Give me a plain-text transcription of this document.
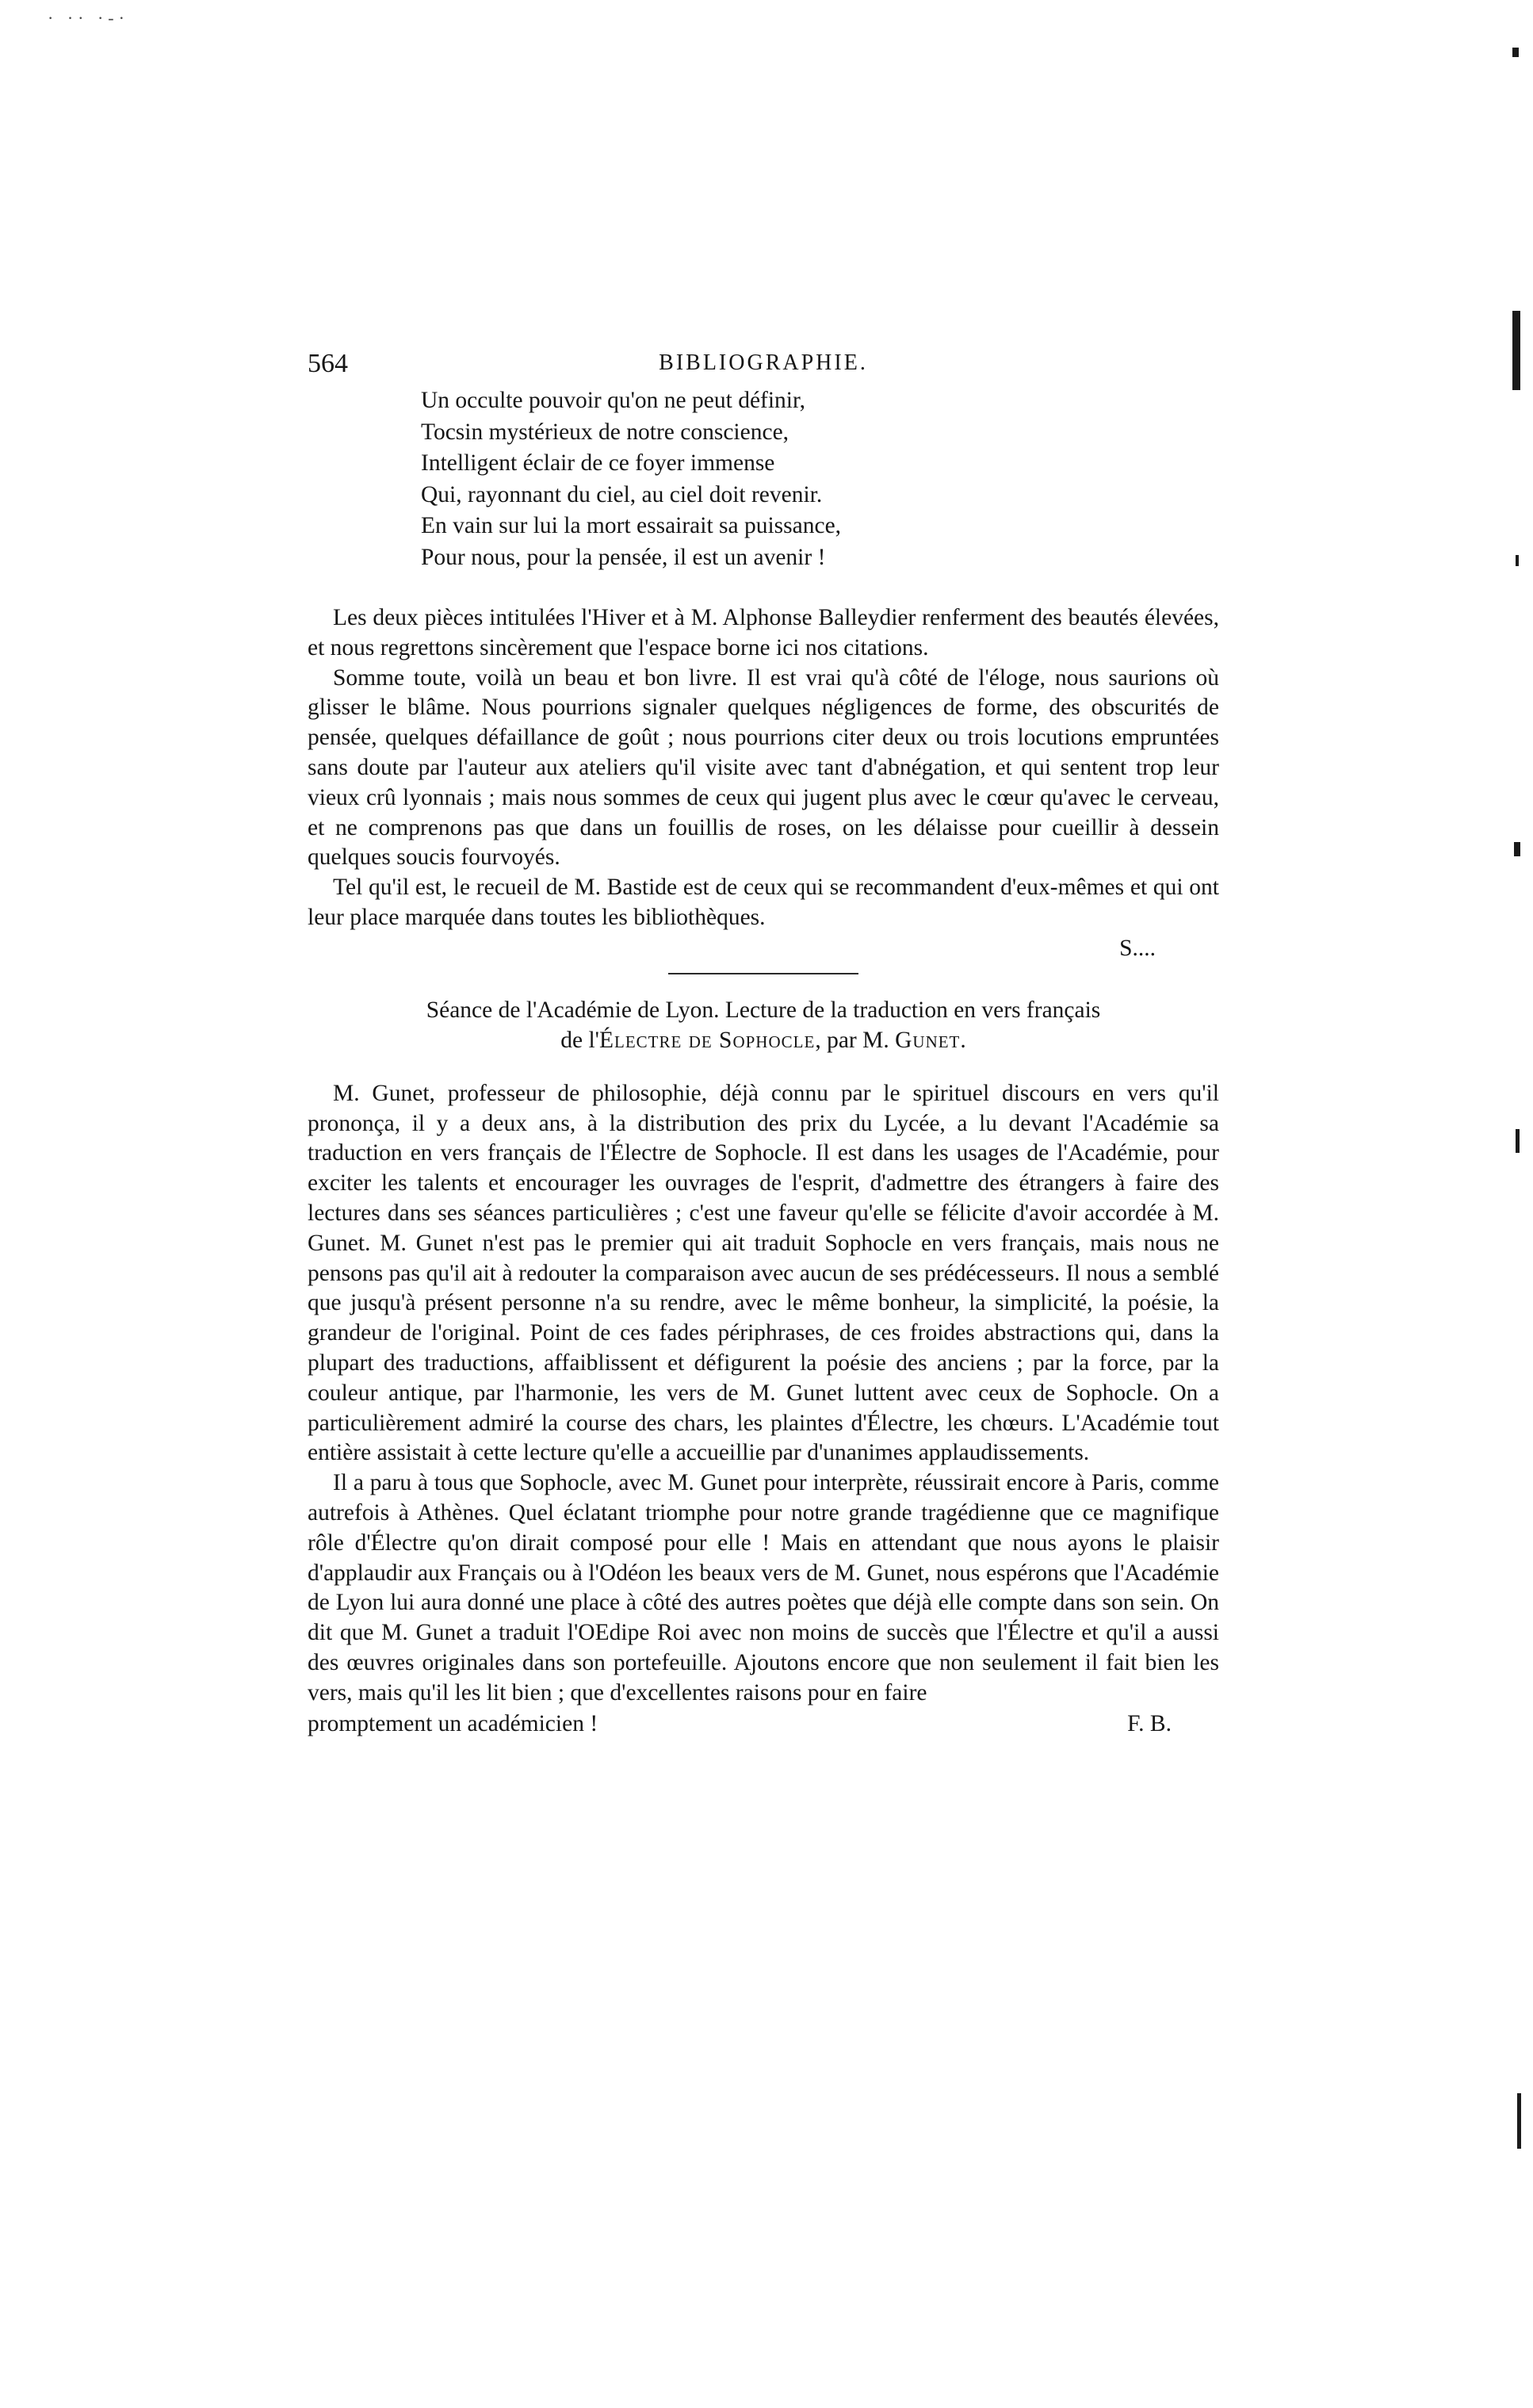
· ·· ·-·
564	BIBLIOGRAPHIE.
Un occulte pouvoir qu'on ne peut définir,
Tocsin mystérieux de notre conscience,
Intelligent éclair de ce foyer immense
Qui, rayonnant du ciel, au ciel doit revenir.
En vain sur lui la mort essairait sa puissance,
Pour nous, pour la pensée, il est un avenir !

Les deux pièces intitulées l'Hiver et à M. Alphonse Balleydier renferment des beautés élevées, et nous regrettons sincèrement que l'espace borne ici nos citations.

Somme toute, voilà un beau et bon livre. Il est vrai qu'à côté de l'éloge, nous saurions où glisser le blâme. Nous pourrions signaler quelques négligences de forme, des obscurités de pensée, quelques défaillance de goût ; nous pourrions citer deux ou trois locutions empruntées sans doute par l'auteur aux ateliers qu'il visite avec tant d'abnégation, et qui sentent trop leur vieux crû lyonnais ; mais nous sommes de ceux qui jugent plus avec le cœur qu'avec le cerveau, et ne comprenons pas que dans un fouillis de roses, on les délaisse pour cueillir à dessein quelques soucis fourvoyés.

Tel qu'il est, le recueil de M. Bastide est de ceux qui se recommandent d'eux-mêmes et qui ont leur place marquée dans toutes les bibliothèques.

S....
Séance de l'Académie de Lyon. Lecture de la traduction en vers français
de l'Électre de Sophocle, par M. Gunet.

M. Gunet, professeur de philosophie, déjà connu par le spirituel discours en vers qu'il prononça, il y a deux ans, à la distribution des prix du Lycée, a lu devant l'Académie sa traduction en vers français de l'Électre de Sophocle. Il est dans les usages de l'Académie, pour exciter les talents et encourager les ouvrages de l'esprit, d'admettre des étrangers à faire des lectures dans ses séances particulières ; c'est une faveur qu'elle se félicite d'avoir accordée à M. Gunet. M. Gunet n'est pas le premier qui ait traduit Sophocle en vers français, mais nous ne pensons pas qu'il ait à redouter la comparaison avec aucun de ses prédécesseurs. Il nous a semblé que jusqu'à présent personne n'a su rendre, avec le même bonheur, la simplicité, la poésie, la grandeur de l'original. Point de ces fades périphrases, de ces froides abstractions qui, dans la plupart des traductions, affaiblissent et défigurent la poésie des anciens ; par la force, par la couleur antique, par l'harmonie, les vers de M. Gunet luttent avec ceux de Sophocle. On a particulièrement admiré la course des chars, les plaintes d'Électre, les chœurs. L'Académie tout entière assistait à cette lecture qu'elle a accueillie par d'unanimes applaudissements.

Il a paru à tous que Sophocle, avec M. Gunet pour interprète, réussirait encore à Paris, comme autrefois à Athènes. Quel éclatant triomphe pour notre grande tragédienne que ce magnifique rôle d'Électre qu'on dirait composé pour elle ! Mais en attendant que nous ayons le plaisir d'applaudir aux Français ou à l'Odéon les beaux vers de M. Gunet, nous espérons que l'Académie de Lyon lui aura donné une place à côté des autres poètes que déjà elle compte dans son sein. On dit que M. Gunet a traduit l'OEdipe Roi avec non moins de succès que l'Électre et qu'il a aussi des œuvres originales dans son portefeuille. Ajoutons encore que non seulement il fait bien les vers, mais qu'il les lit bien ; que d'excellentes raisons pour en faire

promptement un académicien !	F. B.
